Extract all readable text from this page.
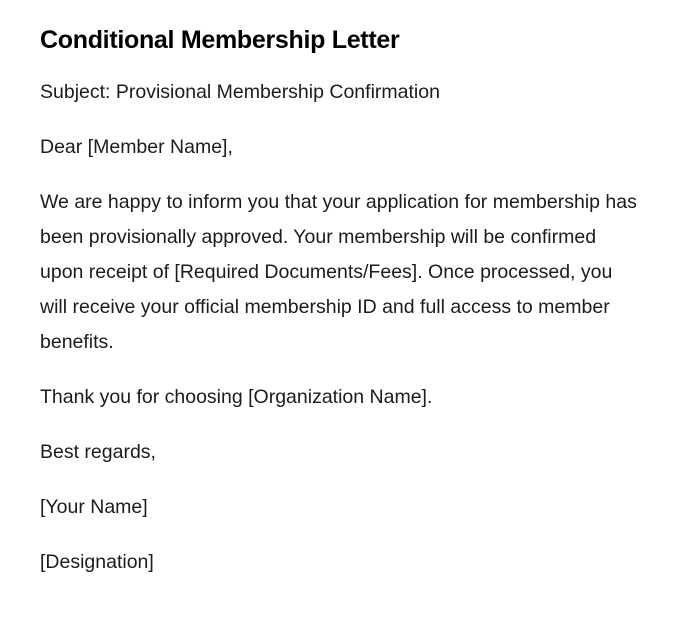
Conditional Membership Letter

Subject: Provisional Membership Confirmation

Dear [Member Name],

We are happy to inform you that your application for membership has been provisionally approved. Your membership will be confirmed upon receipt of [Required Documents/Fees]. Once processed, you will receive your official membership ID and full access to member benefits.

Thank you for choosing [Organization Name].

Best regards,

[Your Name]

[Designation]
